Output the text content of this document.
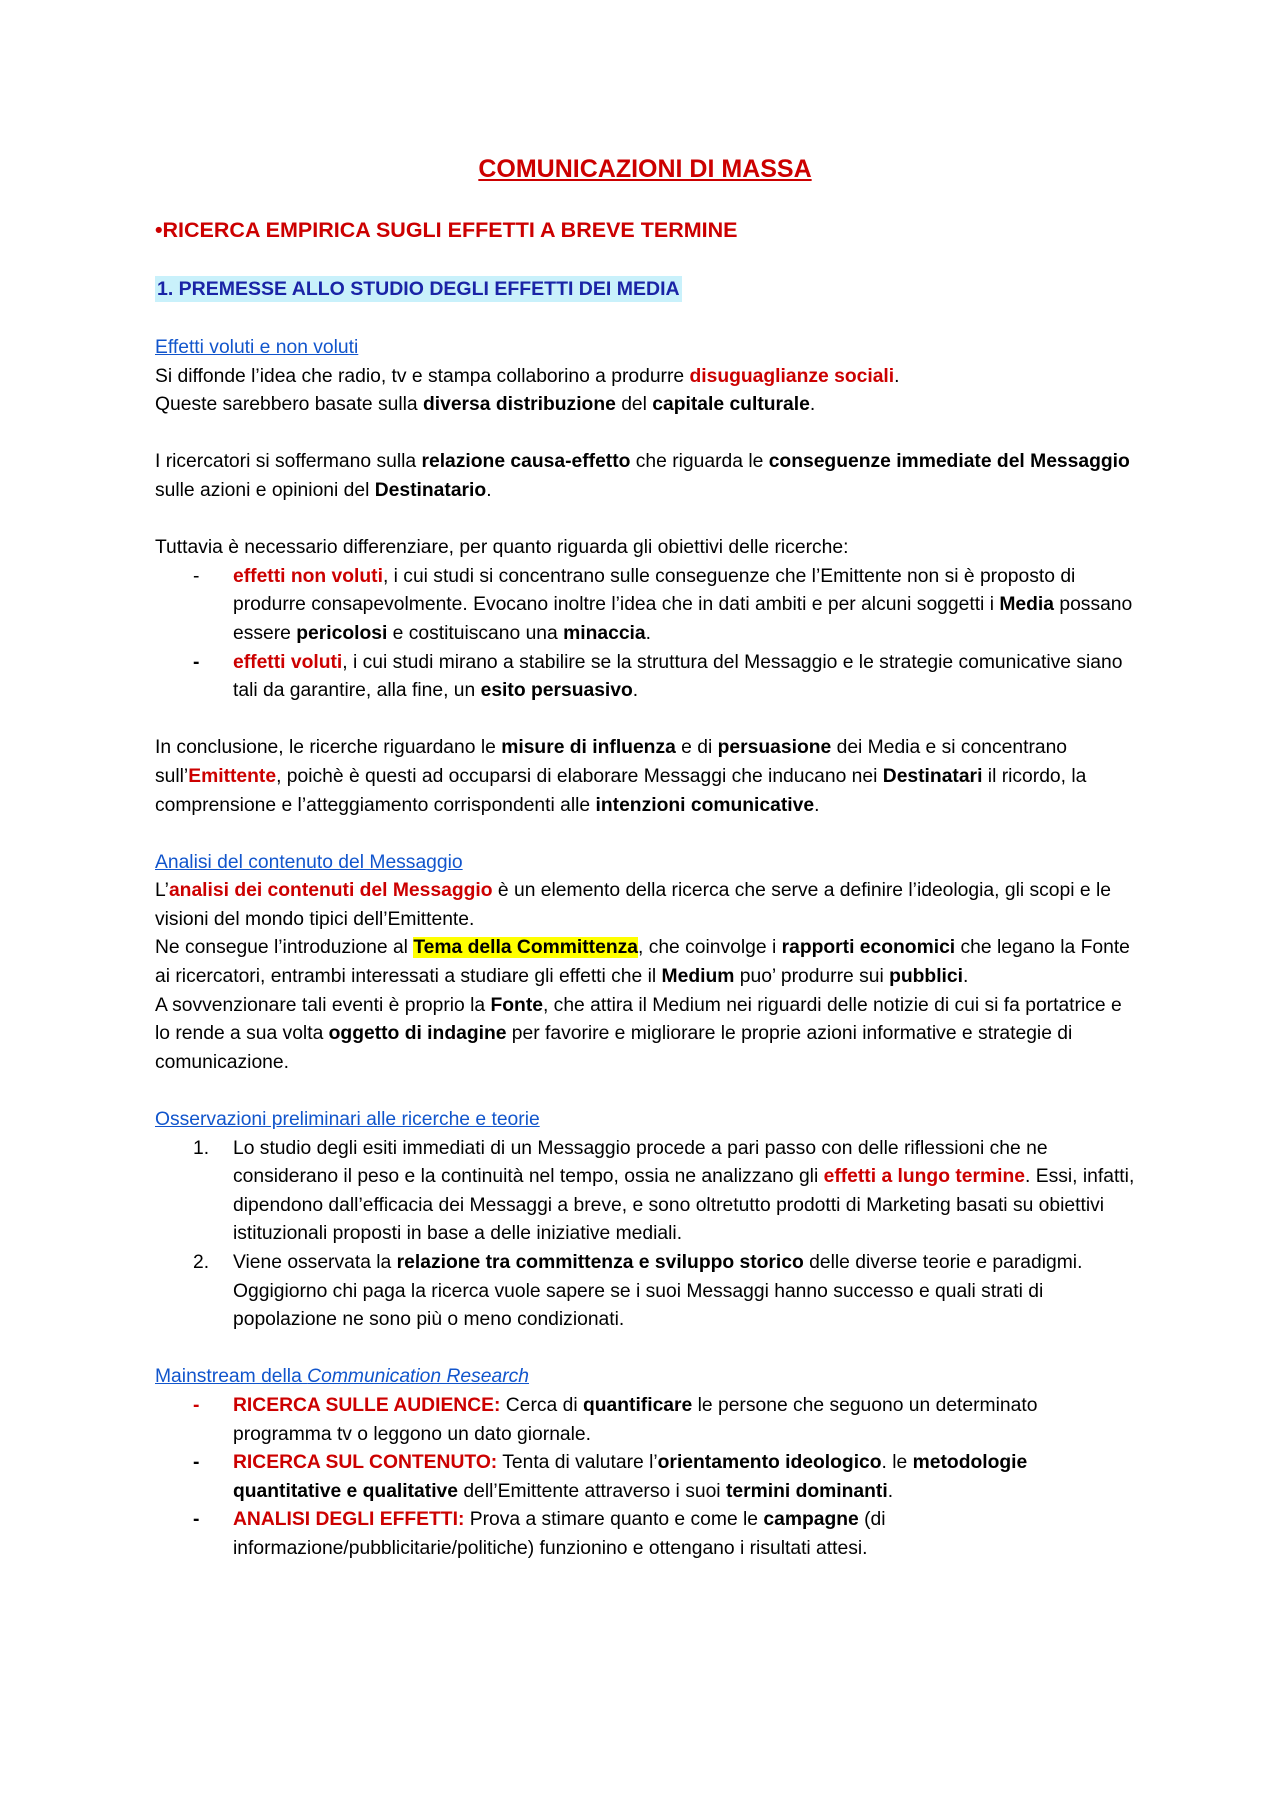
COMUNICAZIONI DI MASSA
•RICERCA EMPIRICA SUGLI EFFETTI A BREVE TERMINE
1. PREMESSE ALLO STUDIO DEGLI EFFETTI DEI MEDIA
Effetti voluti e non voluti

Si diffonde l’idea che radio, tv e stampa collaborino a produrre disuguaglianze sociali.

Queste sarebbero basate sulla diversa distribuzione del capitale culturale.

I ricercatori si soffermano sulla relazione causa-effetto che riguarda le conseguenze immediate del Messaggio sulle azioni e opinioni del Destinatario.

Tuttavia è necessario differenziare, per quanto riguarda gli obiettivi delle ricerche:

- effetti non voluti, i cui studi si concentrano sulle conseguenze che l’Emittente non si è proposto di produrre consapevolmente. Evocano inoltre l’idea che in dati ambiti e per alcuni soggetti i Media possano essere pericolosi e costituiscano una minaccia.
- effetti voluti, i cui studi mirano a stabilire se la struttura del Messaggio e le strategie comunicative siano tali da garantire, alla fine, un esito persuasivo.

In conclusione, le ricerche riguardano le misure di influenza e di persuasione dei Media e si concentrano sull’Emittente, poichè è questi ad occuparsi di elaborare Messaggi che inducano nei Destinatari il ricordo, la comprensione e l’atteggiamento corrispondenti alle intenzioni comunicative.

Analisi del contenuto del Messaggio

L’analisi dei contenuti del Messaggio è un elemento della ricerca che serve a definire l’ideologia, gli scopi e le visioni del mondo tipici dell’Emittente.

Ne consegue l’introduzione al Tema della Committenza, che coinvolge i rapporti economici che legano la Fonte ai ricercatori, entrambi interessati a studiare gli effetti che il Medium puo’ produrre sui pubblici.

A sovvenzionare tali eventi è proprio la Fonte, che attira il Medium nei riguardi delle notizie di cui si fa portatrice e lo rende a sua volta oggetto di indagine per favorire e migliorare le proprie azioni informative e strategie di comunicazione.

Osservazioni preliminari alle ricerche e teorie
1. Lo studio degli esiti immediati di un Messaggio procede a pari passo con delle riflessioni che ne considerano il peso e la continuità nel tempo, ossia ne analizzano gli effetti a lungo termine. Essi, infatti, dipendono dall’efficacia dei Messaggi a breve, e sono oltretutto prodotti di Marketing basati su obiettivi istituzionali proposti in base a delle iniziative mediali.
2. Viene osservata la relazione tra committenza e sviluppo storico delle diverse teorie e paradigmi. Oggigiorno chi paga la ricerca vuole sapere se i suoi Messaggi hanno successo e quali strati di popolazione ne sono più o meno condizionati.
Mainstream della Communication Research
- RICERCA SULLE AUDIENCE: Cerca di quantificare le persone che seguono un determinato programma tv o leggono un dato giornale.
- RICERCA SUL CONTENUTO: Tenta di valutare l’orientamento ideologico. le metodologie quantitative e qualitative dell’Emittente attraverso i suoi termini dominanti.
- ANALISI DEGLI EFFETTI: Prova a stimare quanto e come le campagne (di informazione/pubblicitarie/politiche) funzionino e ottengano i risultati attesi.
